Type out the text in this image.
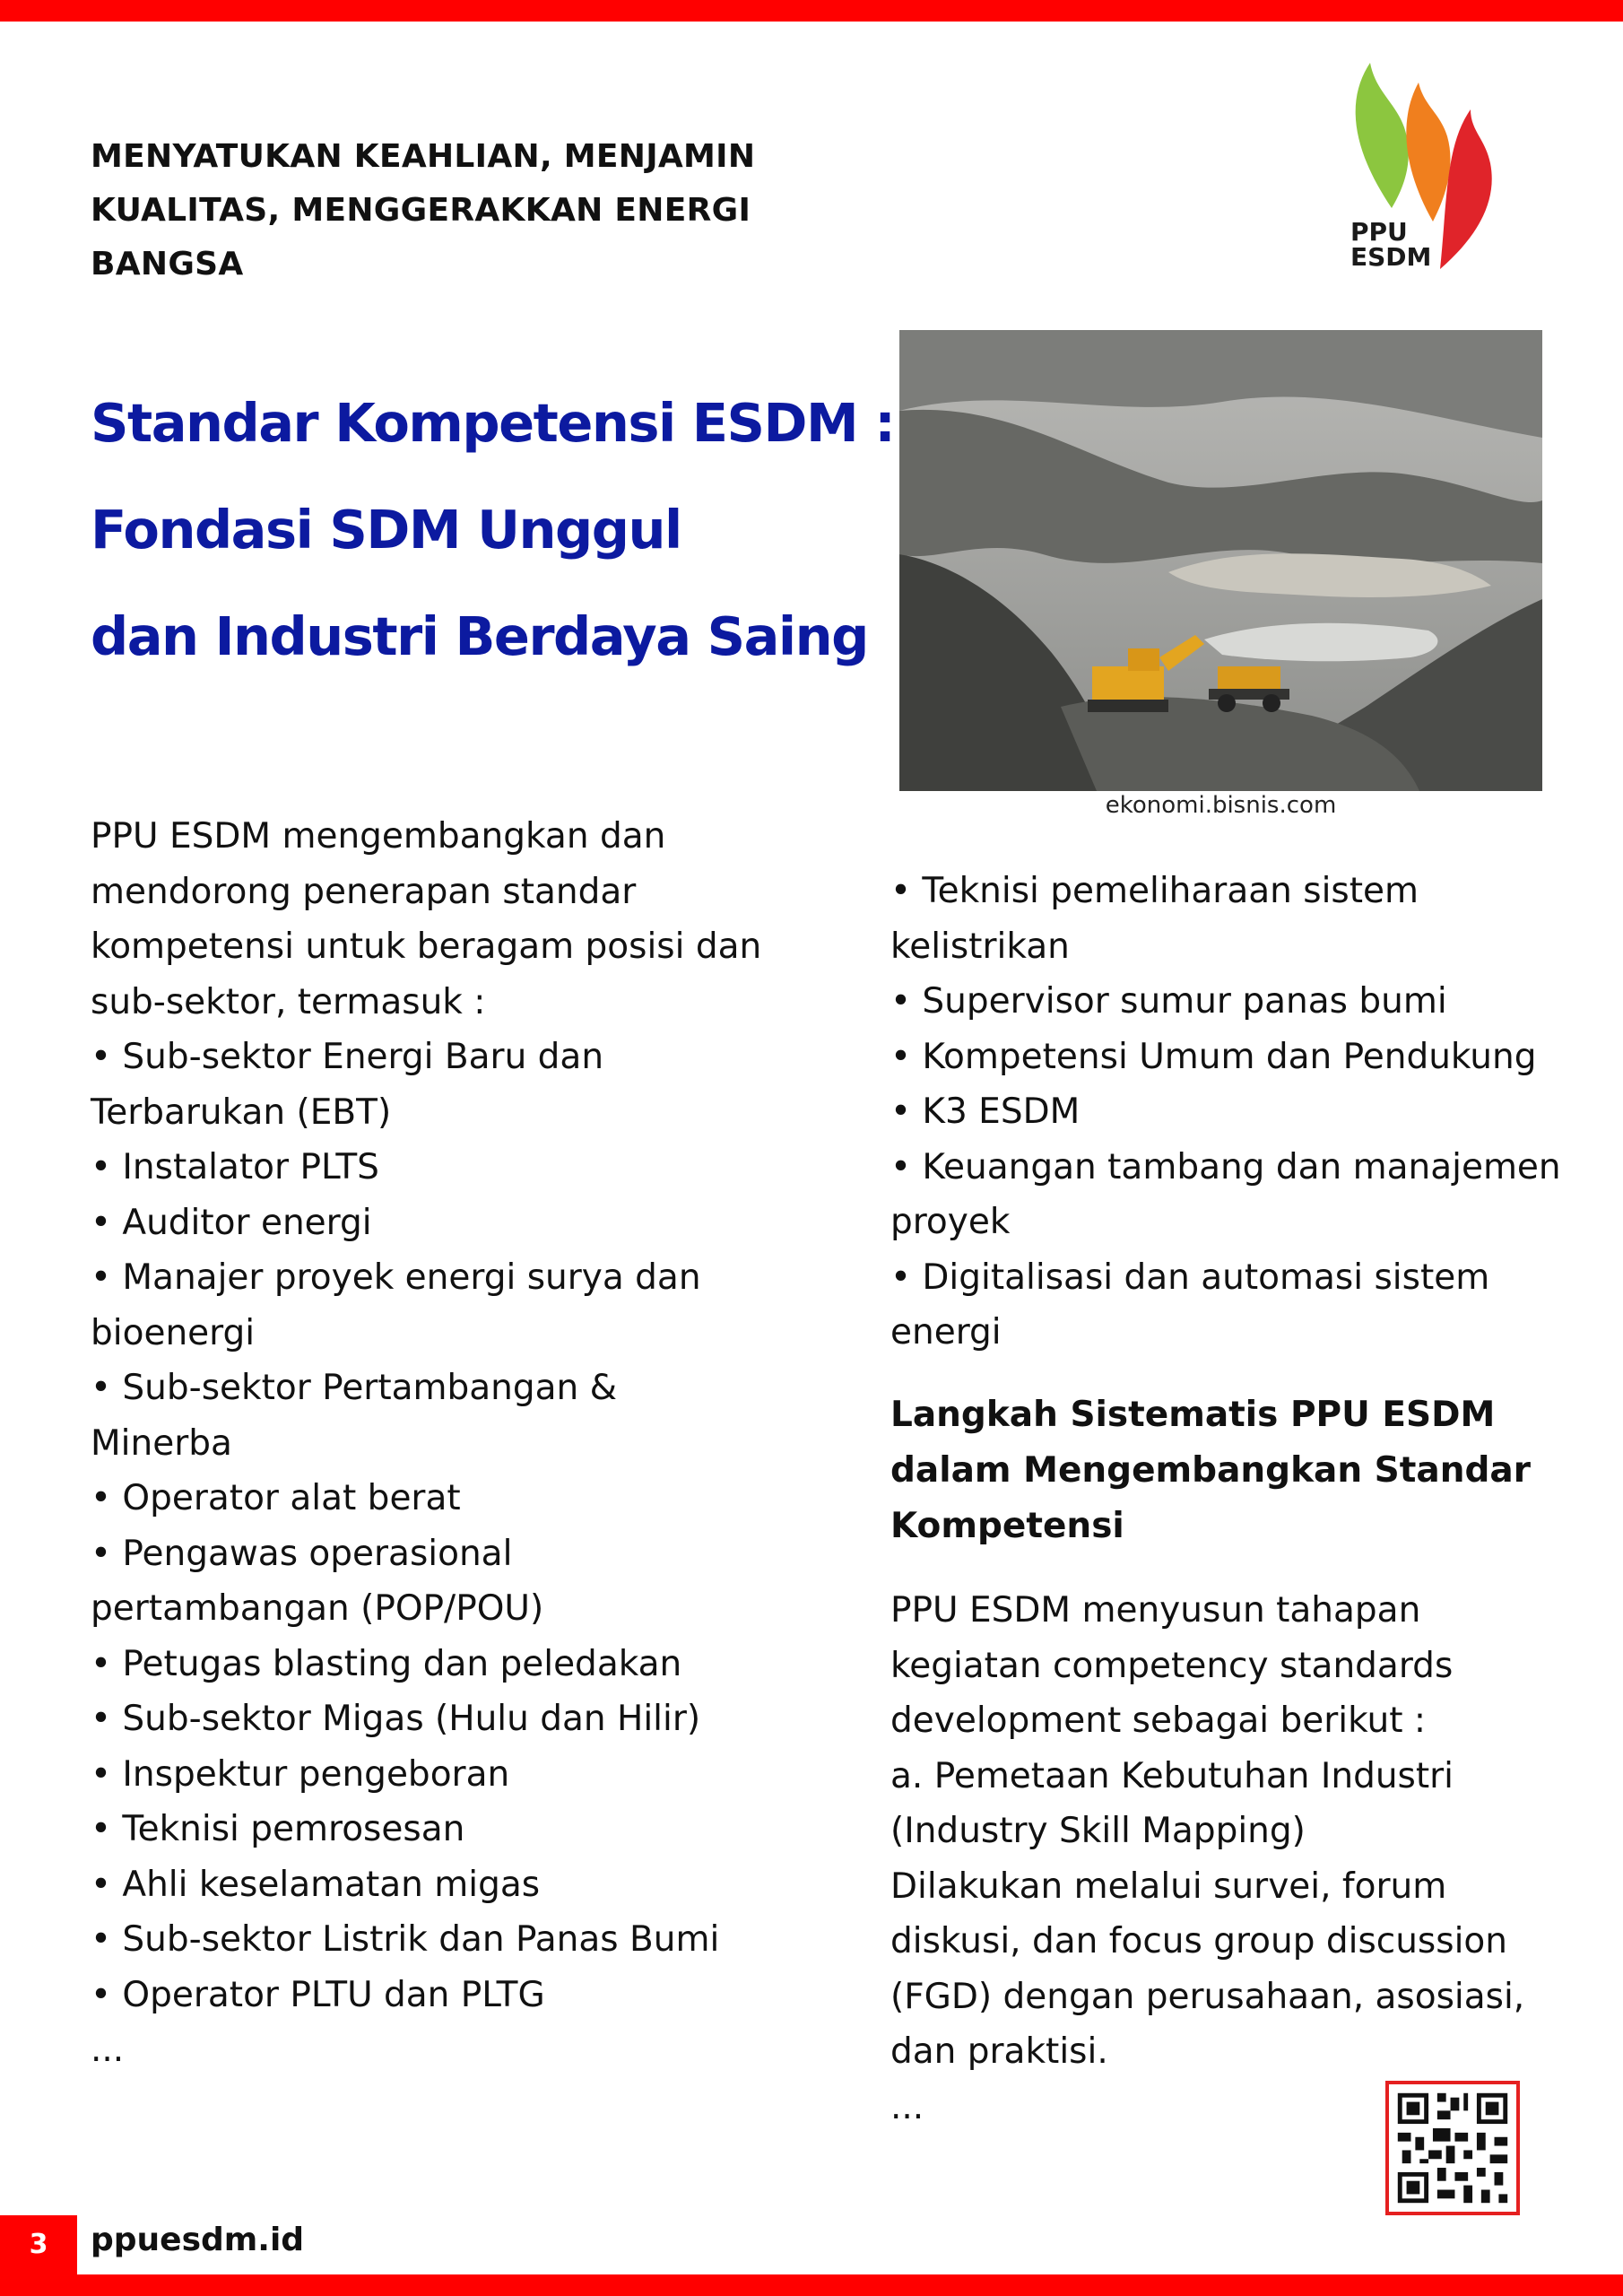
MENYATUKAN KEAHLIAN, MENJAMIN
KUALITAS, MENGGERAKKAN ENERGI
BANGSA
PPU
ESDM
Standar Kompetensi ESDM :
Fondasi SDM Unggul
dan Industri Berdaya Saing
ekonomi.bisnis.com

PPU ESDM mengembangkan dan

mendorong penerapan standar

kompetensi untuk beragam posisi dan

sub-sektor, termasuk :

• Sub-sektor Energi Baru dan

Terbarukan (EBT)

• Instalator PLTS

• Auditor energi

• Manajer proyek energi surya dan

bioenergi

• Sub-sektor Pertambangan &

Minerba

• Operator alat berat

• Pengawas operasional

pertambangan (POP/POU)

• Petugas blasting dan peledakan

• Sub-sektor Migas (Hulu dan Hilir)

• Inspektur pengeboran

• Teknisi pemrosesan

• Ahli keselamatan migas

• Sub-sektor Listrik dan Panas Bumi

• Operator PLTU dan PLTG

...

• Teknisi pemeliharaan sistem

kelistrikan

• Supervisor sumur panas bumi

• Kompetensi Umum dan Pendukung

• K3 ESDM

• Keuangan tambang dan manajemen

proyek

• Digitalisasi dan automasi sistem

energi

Langkah Sistematis PPU ESDM

dalam Mengembangkan Standar

Kompetensi

PPU ESDM menyusun tahapan

kegiatan competency standards

development sebagai berikut :

a. Pemetaan Kebutuhan Industri

(Industry Skill Mapping)

Dilakukan melalui survei, forum

diskusi, dan focus group discussion

(FGD) dengan perusahaan, asosiasi,

dan praktisi.

...

3	ppuesdm.id
